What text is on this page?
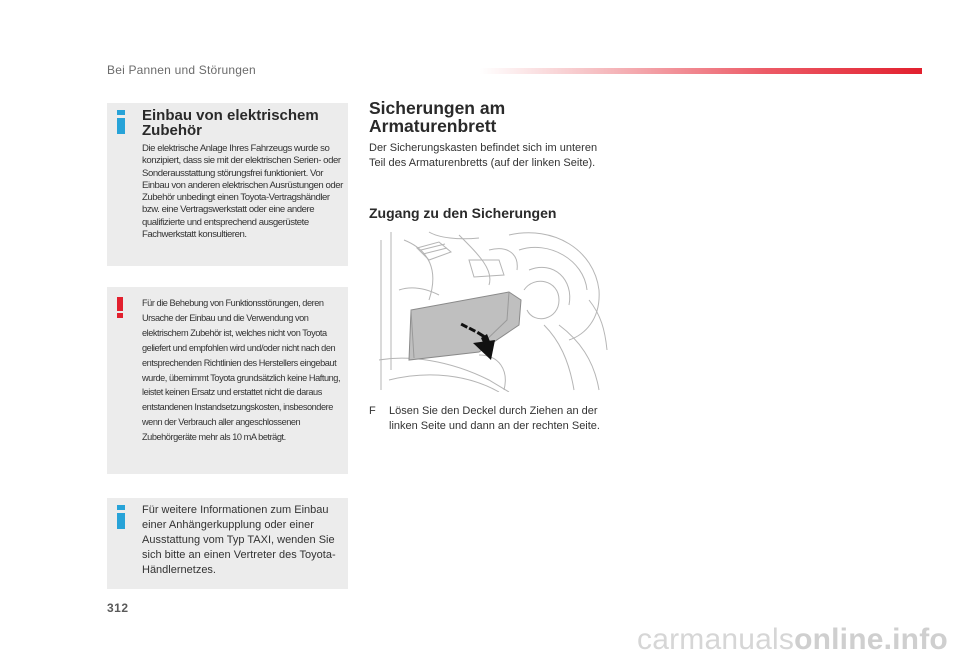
Bei Pannen und Störungen
Einbau von elektrischem Zubehör
Die elektrische Anlage Ihres Fahrzeugs wurde so konzipiert, dass sie mit der elektrischen Serien- oder Sonderausstattung störungsfrei funktioniert. Vor Einbau von anderen elektrischen Ausrüstungen oder Zubehör unbedingt einen Toyota-Vertragshändler bzw. eine Vertragswerkstatt oder eine andere qualifizierte und entsprechend ausgerüstete Fachwerkstatt konsultieren.
Für die Behebung von Funktionsstörungen, deren Ursache der Einbau und die Verwendung von elektrischem Zubehör ist, welches nicht von Toyota geliefert und empfohlen wird und/oder nicht nach den entsprechenden Richtlinien des Herstellers eingebaut wurde, übernimmt Toyota grundsätzlich keine Haftung, leistet keinen Ersatz und erstattet nicht die daraus entstandenen Instandsetzungskosten, insbesondere wenn der Verbrauch aller angeschlossenen Zubehörgeräte mehr als 10 mA beträgt.
Für weitere Informationen zum Einbau einer Anhängerkupplung oder einer Ausstattung vom Typ TAXI, wenden Sie sich bitte an einen Vertreter des Toyota-Händlernetzes.
Sicherungen am
Armaturenbrett
Der Sicherungskasten befindet sich im unteren Teil des Armaturenbretts (auf der linken Seite).
Zugang zu den Sicherungen
F	Lösen Sie den Deckel durch Ziehen an der linken Seite und dann an der rechten Seite.
312
carmanualsonline.info
